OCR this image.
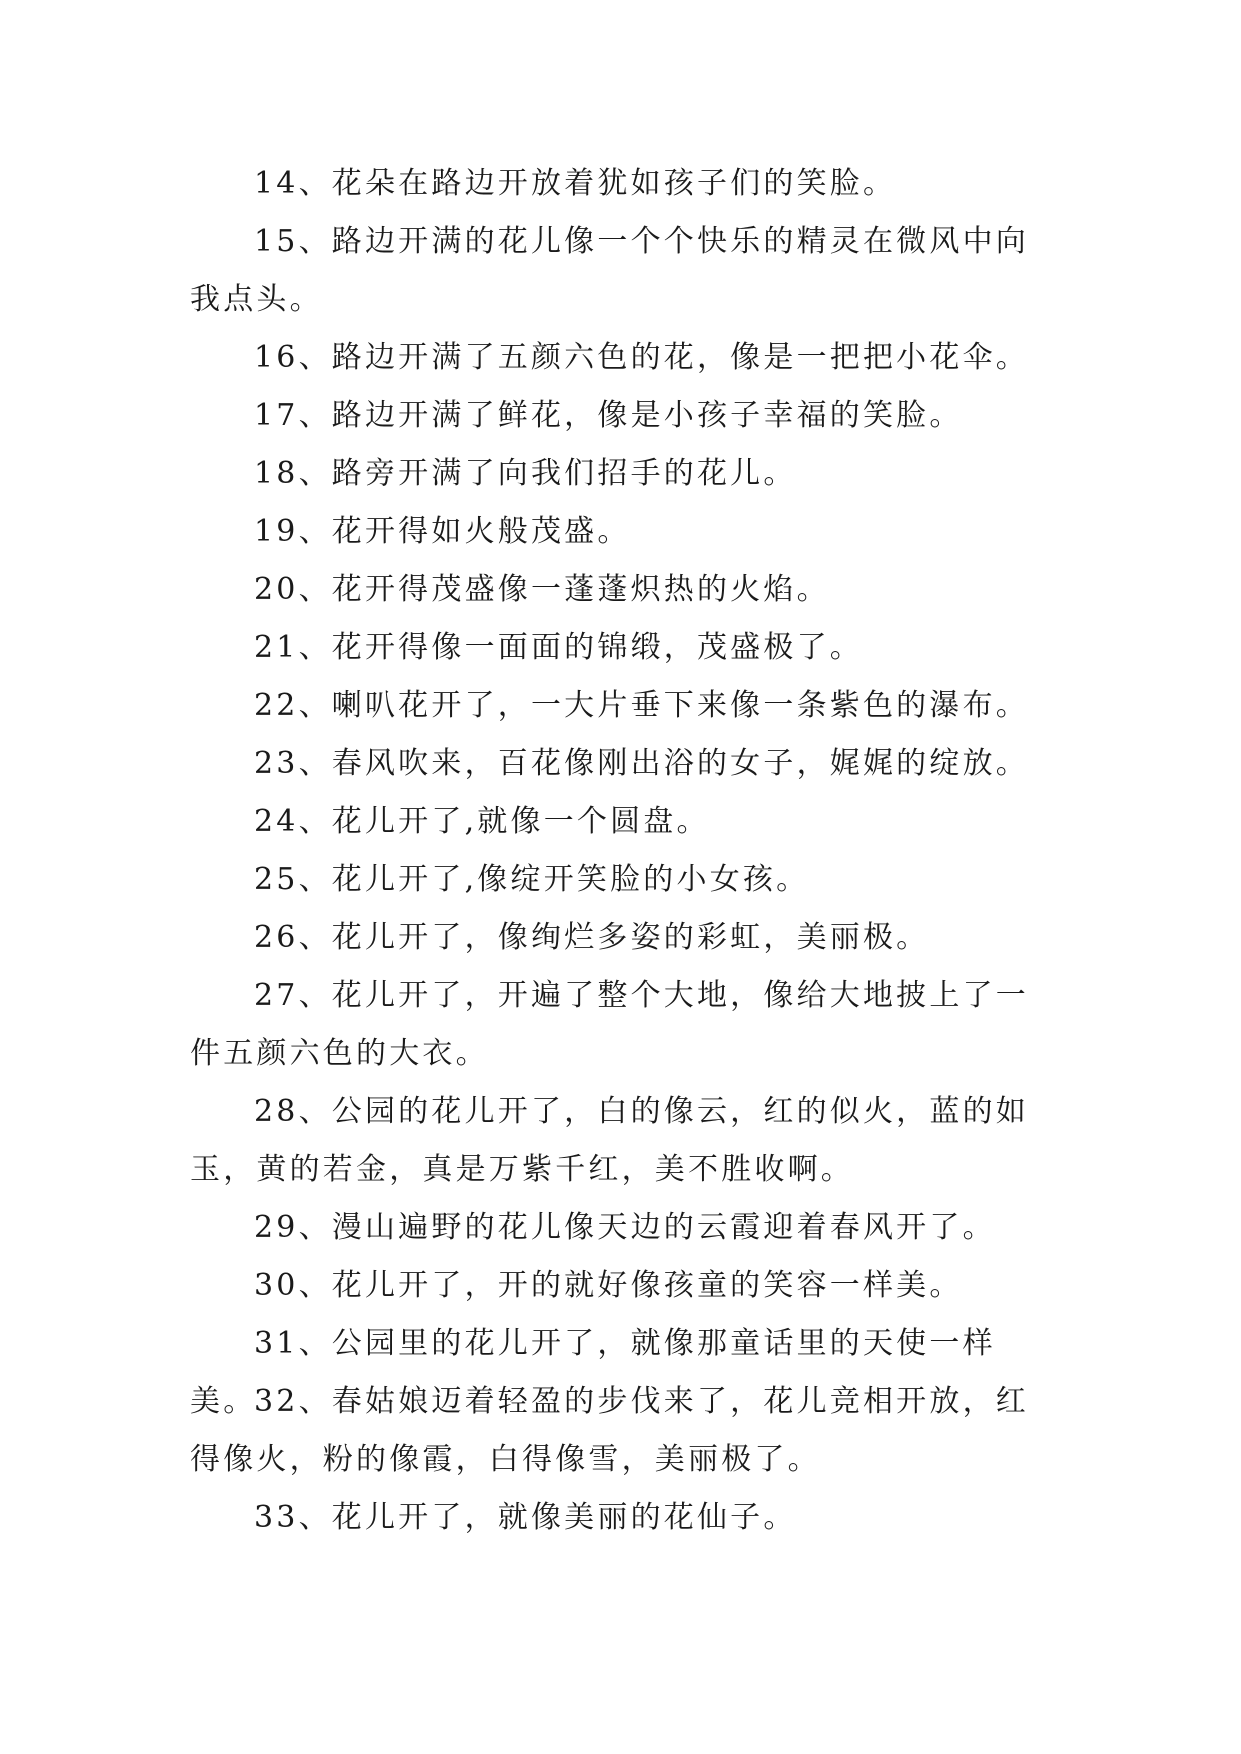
14、花朵在路边开放着犹如孩子们的笑脸。

15、路边开满的花儿像一个个快乐的精灵在微风中向我点头。

16、路边开满了五颜六色的花，像是一把把小花伞。

17、路边开满了鲜花，像是小孩子幸福的笑脸。

18、路旁开满了向我们招手的花儿。

19、花开得如火般茂盛。

20、花开得茂盛像一蓬蓬炽热的火焰。

21、花开得像一面面的锦缎，茂盛极了。

22、喇叭花开了，一大片垂下来像一条紫色的瀑布。

23、春风吹来，百花像刚出浴的女子，娓娓的绽放。

24、花儿开了,就像一个圆盘。

25、花儿开了,像绽开笑脸的小女孩。

26、花儿开了，像绚烂多姿的彩虹，美丽极。

27、花儿开了，开遍了整个大地，像给大地披上了一件五颜六色的大衣。

28、公园的花儿开了，白的像云，红的似火，蓝的如玉，黄的若金，真是万紫千红，美不胜收啊。

29、漫山遍野的花儿像天边的云霞迎着春风开了。

30、花儿开了，开的就好像孩童的笑容一样美。

31、公园里的花儿开了，就像那童话里的天使一样美。

32、春姑娘迈着轻盈的步伐来了，花儿竞相开放，红得像火，粉的像霞，白得像雪，美丽极了。

33、花儿开了，就像美丽的花仙子。
